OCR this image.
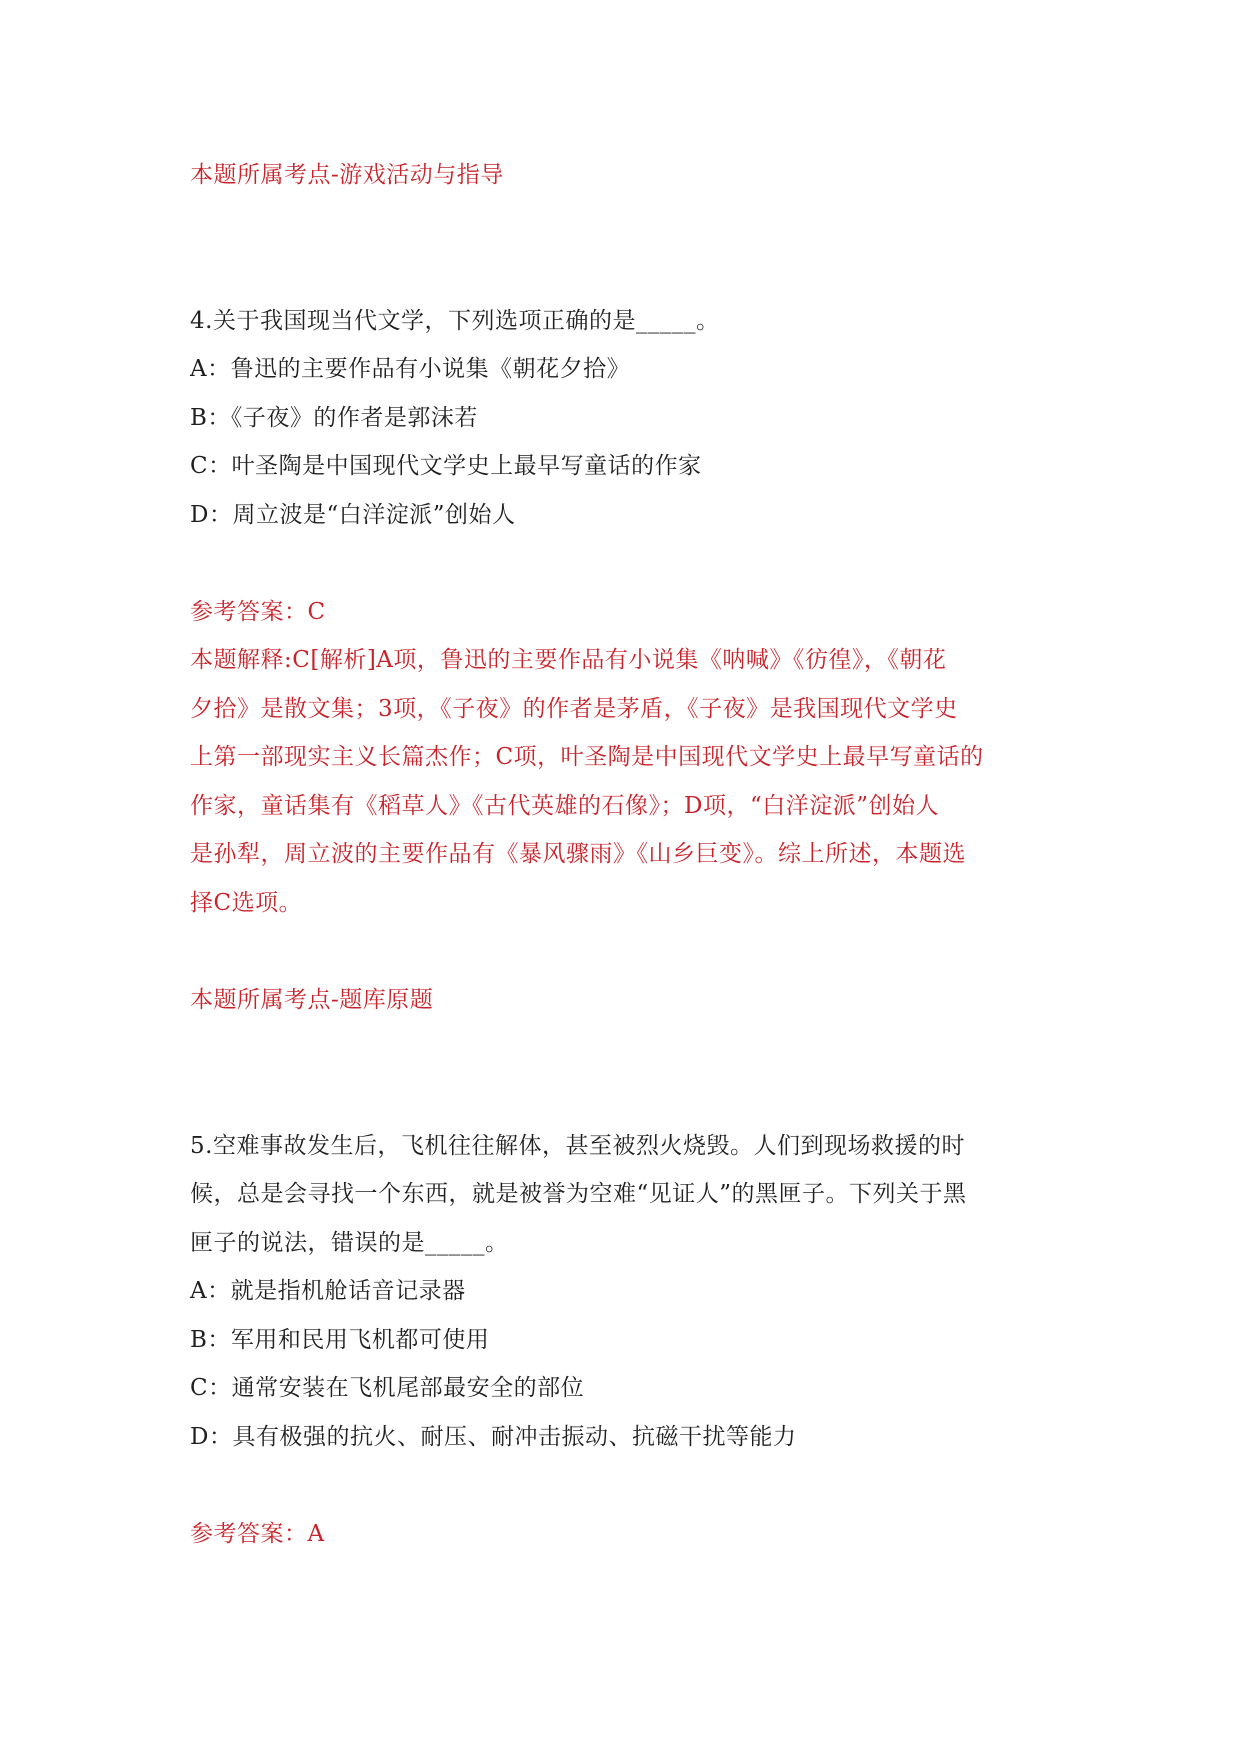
本题所属考点-游戏活动与指导
4.关于我国现当代文学，下列选项正确的是_____。
A：鲁迅的主要作品有小说集《朝花夕拾》
B：《子夜》的作者是郭沫若
C：叶圣陶是中国现代文学史上最早写童话的作家
D：周立波是“白洋淀派”创始人
参考答案：C
本题解释:C[解析]A项，鲁迅的主要作品有小说集《呐喊》《彷徨》，《朝花
夕拾》是散文集；3项，《子夜》的作者是茅盾，《子夜》是我国现代文学史
上第一部现实主义长篇杰作；C项，叶圣陶是中国现代文学史上最早写童话的
作家，童话集有《稻草人》《古代英雄的石像》；D项，“白洋淀派”创始人
是孙犁，周立波的主要作品有《暴风骤雨》《山乡巨变》。综上所述，本题选
择C选项。
本题所属考点-题库原题
5.空难事故发生后，飞机往往解体，甚至被烈火烧毁。人们到现场救援的时
候，总是会寻找一个东西，就是被誉为空难“见证人”的黑匣子。下列关于黑
匣子的说法，错误的是_____。
A：就是指机舱话音记录器
B：军用和民用飞机都可使用
C：通常安装在飞机尾部最安全的部位
D：具有极强的抗火、耐压、耐冲击振动、抗磁干扰等能力
参考答案：A
